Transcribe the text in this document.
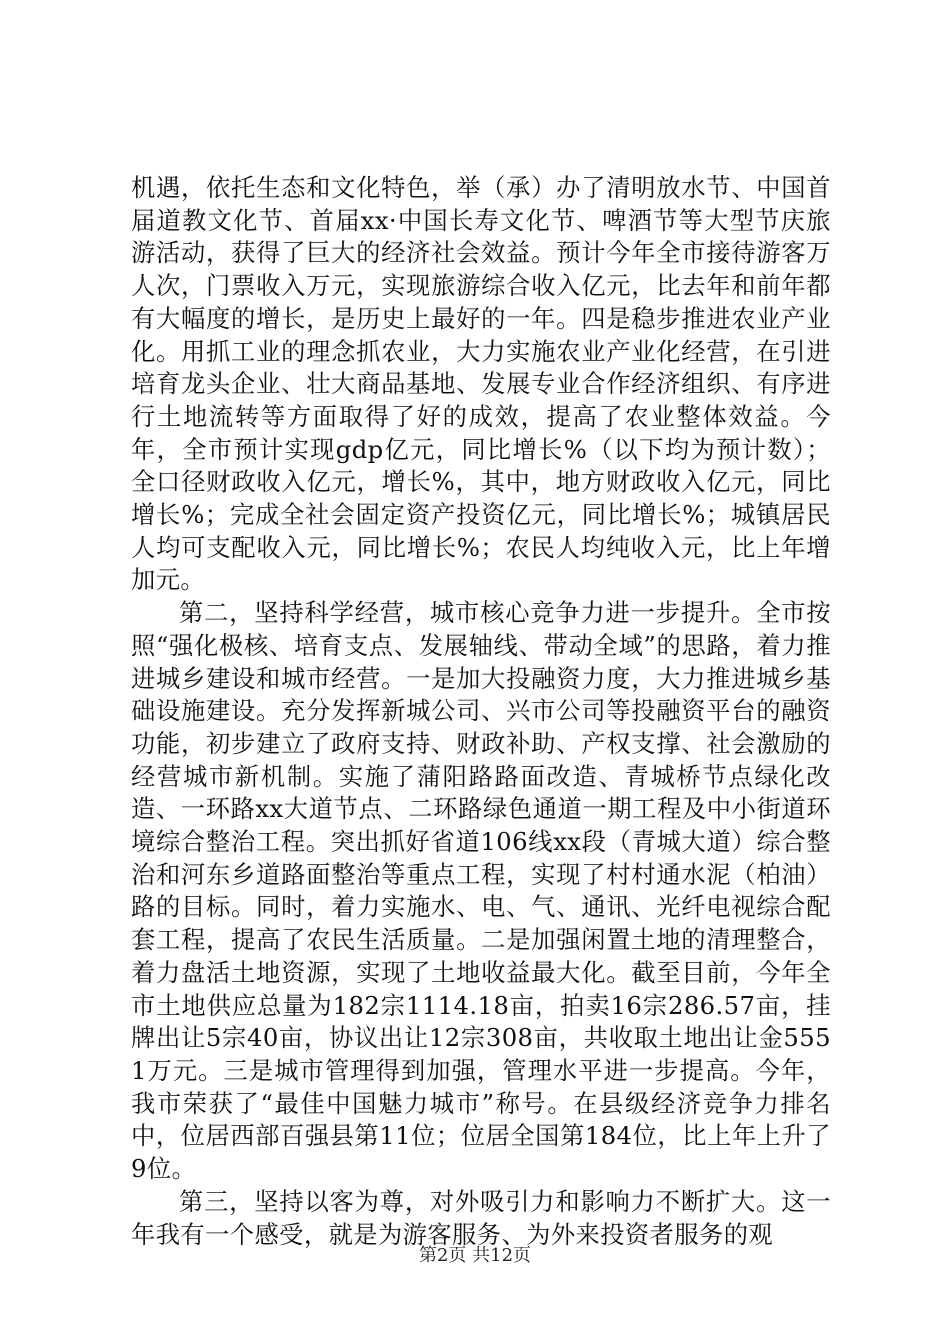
机遇，依托生态和文化特色，举（承）办了清明放水节、中国首届道教文化节、首届xx·中国长寿文化节、啤酒节等大型节庆旅游活动，获得了巨大的经济社会效益。预计今年全市接待游客万人次，门票收入万元，实现旅游综合收入亿元，比去年和前年都有大幅度的增长，是历史上最好的一年。四是稳步推进农业产业化。用抓工业的理念抓农业，大力实施农业产业化经营，在引进培育龙头企业、壮大商品基地、发展专业合作经济组织、有序进行土地流转等方面取得了好的成效，提高了农业整体效益。今年，全市预计实现gdp亿元，同比增长%（以下均为预计数）；全口径财政收入亿元，增长%，其中，地方财政收入亿元，同比增长%；完成全社会固定资产投资亿元，同比增长%；城镇居民人均可支配收入元，同比增长%；农民人均纯收入元，比上年增加元。

第二，坚持科学经营，城市核心竞争力进一步提升。全市按照“强化极核、培育支点、发展轴线、带动全域”的思路，着力推进城乡建设和城市经营。一是加大投融资力度，大力推进城乡基础设施建设。充分发挥新城公司、兴市公司等投融资平台的融资功能，初步建立了政府支持、财政补助、产权支撑、社会激励的经营城市新机制。实施了蒲阳路路面改造、青城桥节点绿化改造、一环路xx大道节点、二环路绿色通道一期工程及中小街道环境综合整治工程。突出抓好省道106线xx段（青城大道）综合整治和河东乡道路面整治等重点工程，实现了村村通水泥（柏油）路的目标。同时，着力实施水、电、气、通讯、光纤电视综合配套工程，提高了农民生活质量。二是加强闲置土地的清理整合，着力盘活土地资源，实现了土地收益最大化。截至目前，今年全市土地供应总量为182宗1114.18亩，拍卖16宗286.57亩，挂牌出让5宗40亩，协议出让12宗308亩，共收取土地出让金5551万元。三是城市管理得到加强，管理水平进一步提高。今年，我市荣获了“最佳中国魅力城市”称号。在县级经济竞争力排名中，位居西部百强县第11位；位居全国第184位，比上年上升了9位。

第三，坚持以客为尊，对外吸引力和影响力不断扩大。这一年我有一个感受，就是为游客服务、为外来投资者服务的观

第2页 共12页
